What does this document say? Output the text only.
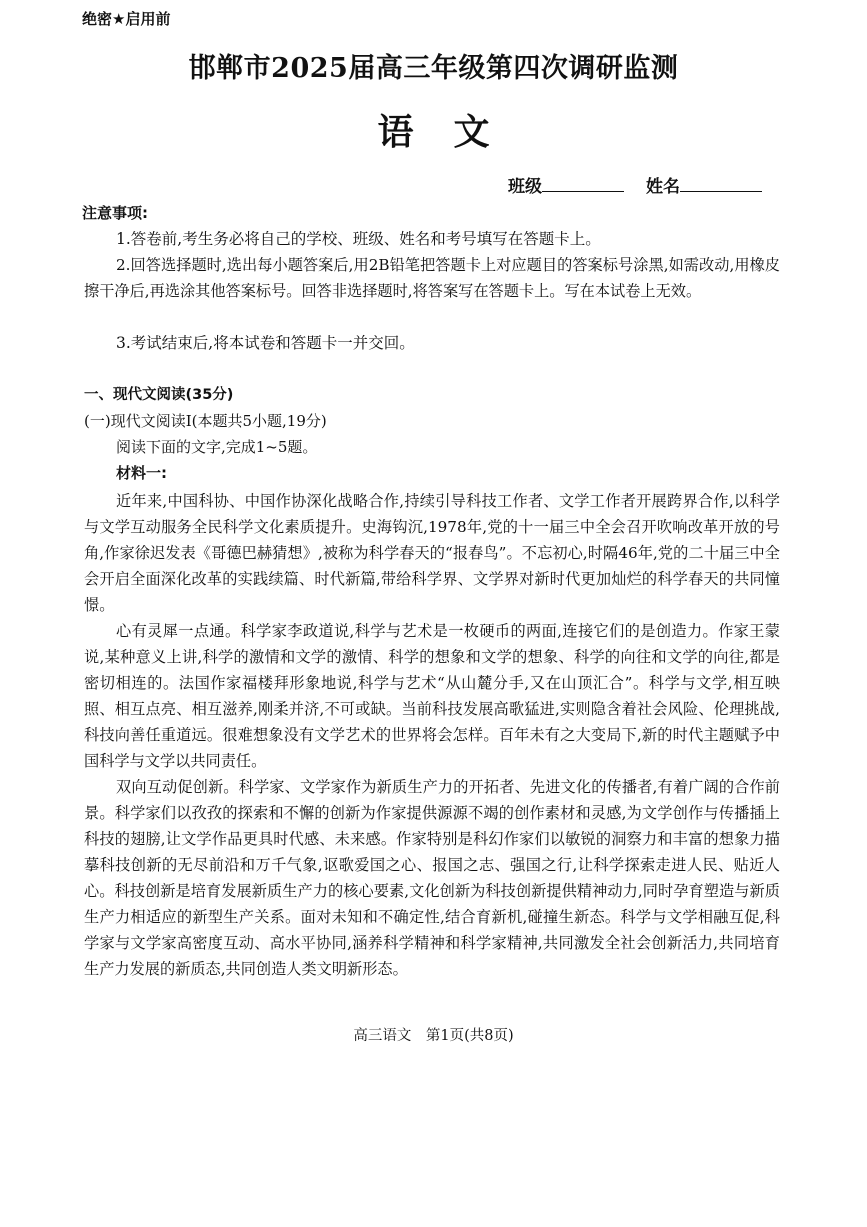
绝密★启用前
邯郸市2025届高三年级第四次调研监测
语文
班级	姓名
注意事项:
1.答卷前,考生务必将自己的学校、班级、姓名和考号填写在答题卡上。
2.回答选择题时,选出每小题答案后,用2B铅笔把答题卡上对应题目的答案标号涂黑,如需改动,用橡皮擦干净后,再选涂其他答案标号。回答非选择题时,将答案写在答题卡上。写在本试卷上无效。
3.考试结束后,将本试卷和答题卡一并交回。
一、现代文阅读(35分)
(一)现代文阅读Ⅰ(本题共5小题,19分)
阅读下面的文字,完成1~5题。
材料一:
近年来,中国科协、中国作协深化战略合作,持续引导科技工作者、文学工作者开展跨界合作,以科学与文学互动服务全民科学文化素质提升。史海钩沉,1978年,党的十一届三中全会召开吹响改革开放的号角,作家徐迟发表《哥德巴赫猜想》,被称为科学春天的“报春鸟”。不忘初心,时隔46年,党的二十届三中全会开启全面深化改革的实践续篇、时代新篇,带给科学界、文学界对新时代更加灿烂的科学春天的共同憧憬。
心有灵犀一点通。科学家李政道说,科学与艺术是一枚硬币的两面,连接它们的是创造力。作家王蒙说,某种意义上讲,科学的激情和文学的激情、科学的想象和文学的想象、科学的向往和文学的向往,都是密切相连的。法国作家福楼拜形象地说,科学与艺术“从山麓分手,又在山顶汇合”。科学与文学,相互映照、相互点亮、相互滋养,刚柔并济,不可或缺。当前科技发展高歌猛进,实则隐含着社会风险、伦理挑战,科技向善任重道远。很难想象没有文学艺术的世界将会怎样。百年未有之大变局下,新的时代主题赋予中国科学与文学以共同责任。
双向互动促创新。科学家、文学家作为新质生产力的开拓者、先进文化的传播者,有着广阔的合作前景。科学家们以孜孜的探索和不懈的创新为作家提供源源不竭的创作素材和灵感,为文学创作与传播插上科技的翅膀,让文学作品更具时代感、未来感。作家特别是科幻作家们以敏锐的洞察力和丰富的想象力描摹科技创新的无尽前沿和万千气象,讴歌爱国之心、报国之志、强国之行,让科学探索走进人民、贴近人心。科技创新是培育发展新质生产力的核心要素,文化创新为科技创新提供精神动力,同时孕育塑造与新质生产力相适应的新型生产关系。面对未知和不确定性,结合育新机,碰撞生新态。科学与文学相融互促,科学家与文学家高密度互动、高水平协同,涵养科学精神和科学家精神,共同激发全社会创新活力,共同培育生产力发展的新质态,共同创造人类文明新形态。
高三语文　第1页(共8页)
